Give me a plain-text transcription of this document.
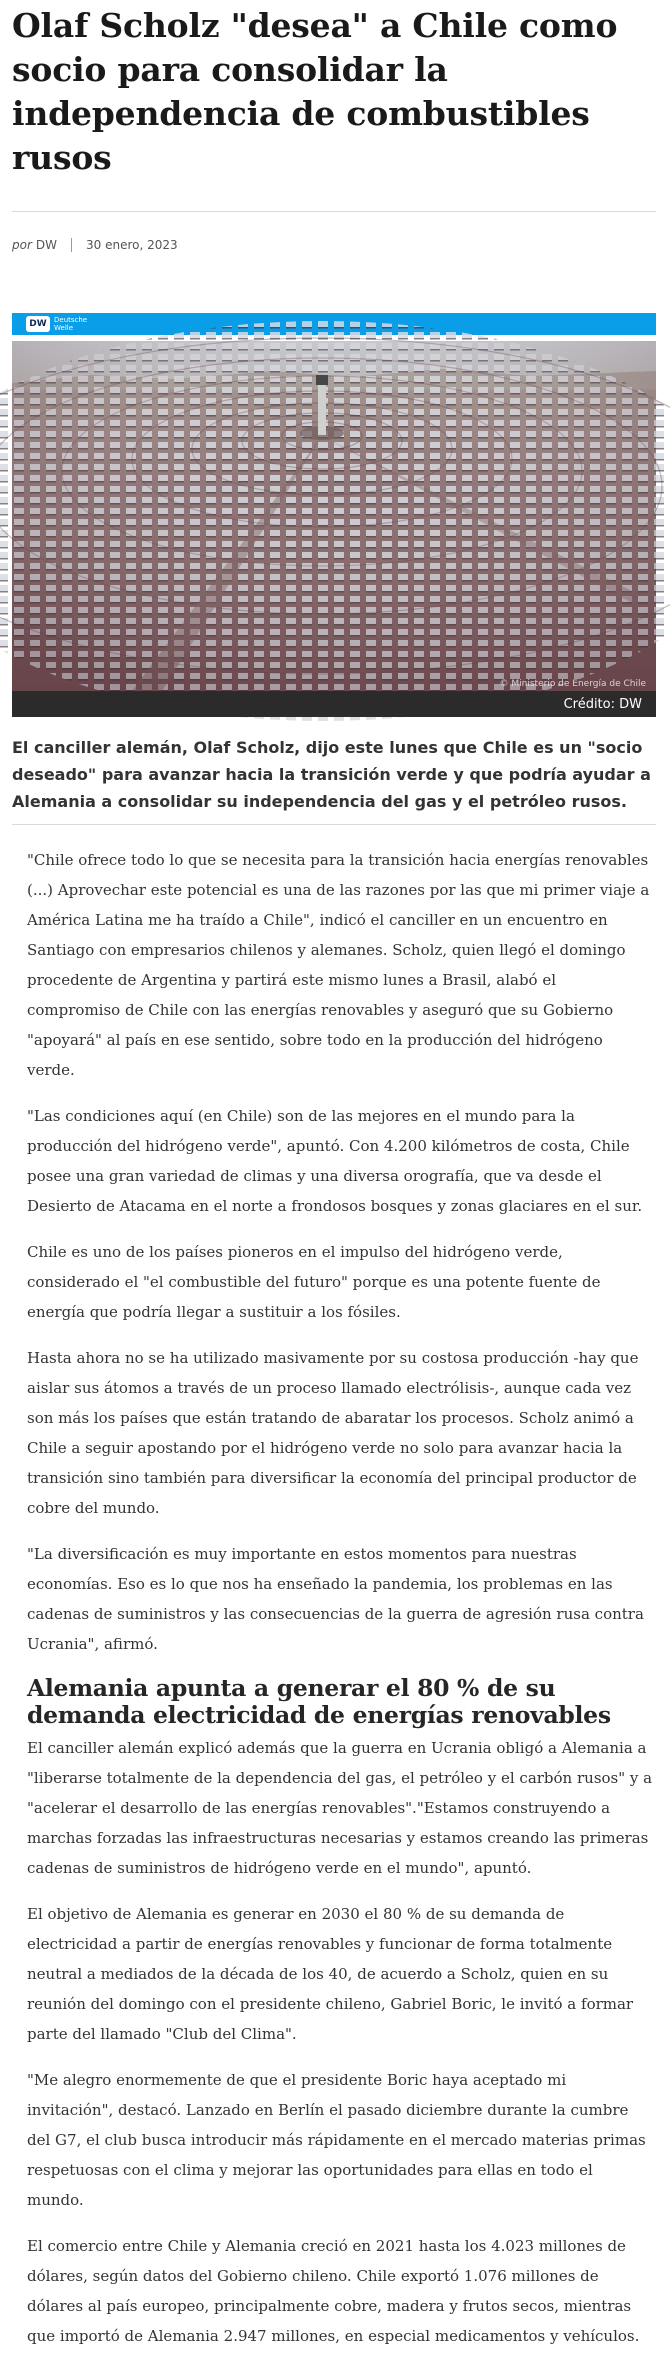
Olaf Scholz "desea" a Chile como socio para consolidar la independencia de combustibles rusos
por DW 30 enero, 2023
DW	Deutsche Welle
© Ministerio de Energía de Chile
Crédito: DW

El canciller alemán, Olaf Scholz, dijo este lunes que Chile es un "socio deseado" para avanzar hacia la transición verde y que podría ayudar a Alemania a consolidar su independencia del gas y el petróleo rusos.

"Chile ofrece todo lo que se necesita para la transición hacia energías renovables (...) Aprovechar este potencial es una de las razones por las que mi primer viaje a América Latina me ha traído a Chile", indicó el canciller en un encuentro en Santiago con empresarios chilenos y alemanes. Scholz, quien llegó el domingo procedente de Argentina y partirá este mismo lunes a Brasil, alabó el compromiso de Chile con las energías renovables y aseguró que su Gobierno "apoyará" al país en ese sentido, sobre todo en la producción del hidrógeno verde.

"Las condiciones aquí (en Chile) son de las mejores en el mundo para la producción del hidrógeno verde", apuntó. Con 4.200 kilómetros de costa, Chile posee una gran variedad de climas y una diversa orografía, que va desde el Desierto de Atacama en el norte a frondosos bosques y zonas glaciares en el sur.

Chile es uno de los países pioneros en el impulso del hidrógeno verde, considerado el "el combustible del futuro" porque es una potente fuente de energía que podría llegar a sustituir a los fósiles.

Hasta ahora no se ha utilizado masivamente por su costosa producción -hay que aislar sus átomos a través de un proceso llamado electrólisis-, aunque cada vez son más los países que están tratando de abaratar los procesos. Scholz animó a Chile a seguir apostando por el hidrógeno verde no solo para avanzar hacia la transición sino también para diversificar la economía del principal productor de cobre del mundo.

"La diversificación es muy importante en estos momentos para nuestras economías. Eso es lo que nos ha enseñado la pandemia, los problemas en las cadenas de suministros y las consecuencias de la guerra de agresión rusa contra Ucrania", afirmó.

Alemania apunta a generar el 80 % de su demanda electricidad de energías renovables

El canciller alemán explicó además que la guerra en Ucrania obligó a Alemania a "liberarse totalmente de la dependencia del gas, el petróleo y el carbón rusos" y a "acelerar el desarrollo de las energías renovables"."Estamos construyendo a marchas forzadas las infraestructuras necesarias y estamos creando las primeras cadenas de suministros de hidrógeno verde en el mundo", apuntó.

El objetivo de Alemania es generar en 2030 el 80 % de su demanda de electricidad a partir de energías renovables y funcionar de forma totalmente neutral a mediados de la década de los 40, de acuerdo a Scholz, quien en su reunión del domingo con el presidente chileno, Gabriel Boric, le invitó a formar parte del llamado "Club del Clima".

"Me alegro enormemente de que el presidente Boric haya aceptado mi invitación", destacó. Lanzado en Berlín el pasado diciembre durante la cumbre del G7, el club busca introducir más rápidamente en el mercado materias primas respetuosas con el clima y mejorar las oportunidades para ellas en todo el mundo.

El comercio entre Chile y Alemania creció en 2021 hasta los 4.023 millones de dólares, según datos del Gobierno chileno. Chile exportó 1.076 millones de dólares al país europeo, principalmente cobre, madera y frutos secos, mientras que importó de Alemania 2.947 millones, en especial medicamentos y vehículos.
